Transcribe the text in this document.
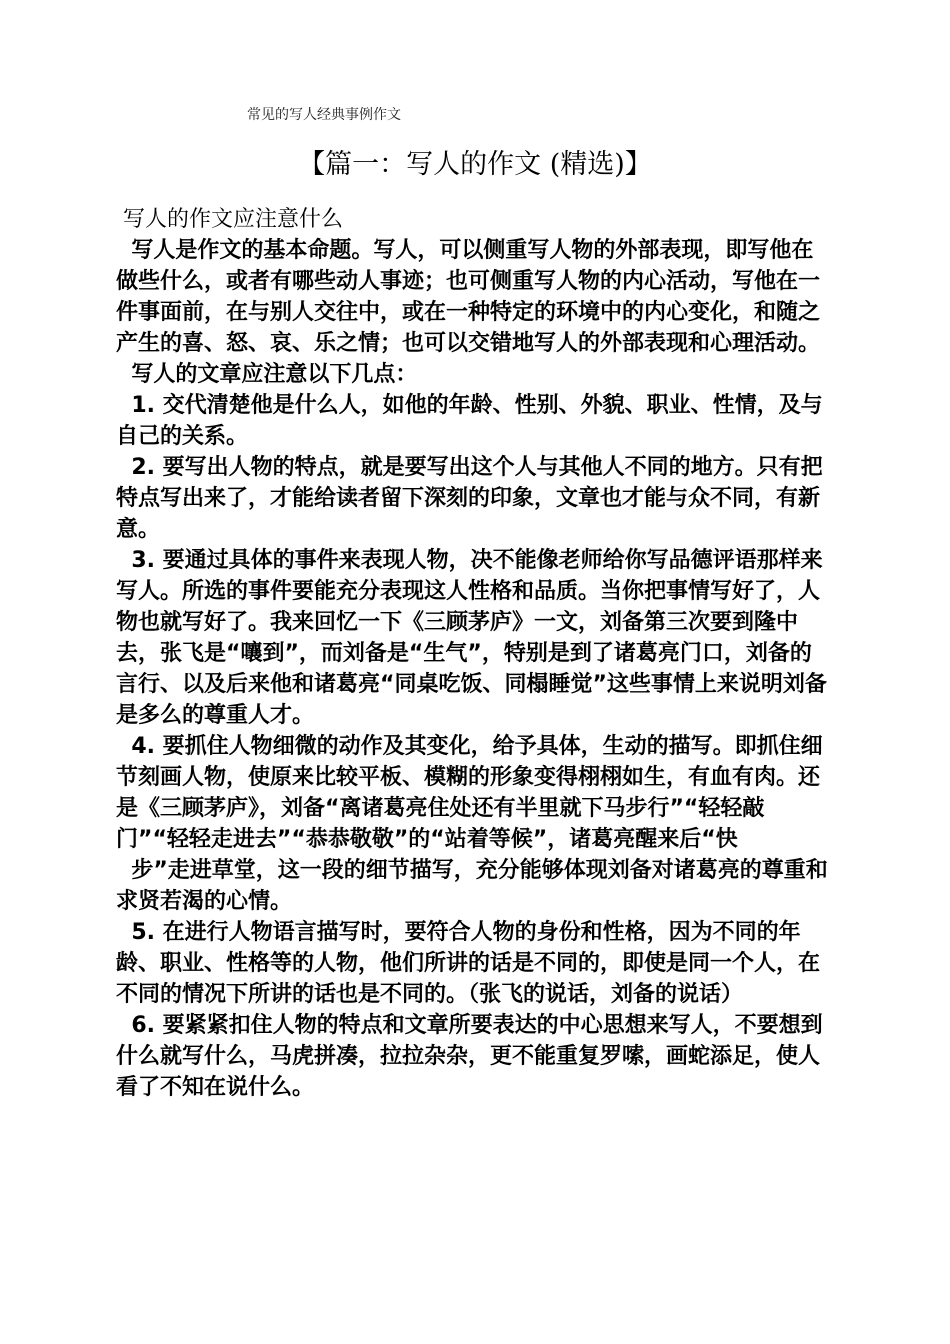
常见的写人经典事例作文
【篇一：写人的作文 (精选)】

写人的作文应注意什么

写人是作文的基本命题。写人，可以侧重写人物的外部表现，即写他在做些什么，或者有哪些动人事迹；也可侧重写人物的内心活动，写他在一件事面前，在与别人交往中，或在一种特定的环境中的内心变化，和随之产生的喜、怒、哀、乐之情；也可以交错地写人的外部表现和心理活动。

写人的文章应注意以下几点：

1. 交代清楚他是什么人，如他的年龄、性别、外貌、职业、性情，及与自己的关系。

2. 要写出人物的特点，就是要写出这个人与其他人不同的地方。只有把特点写出来了，才能给读者留下深刻的印象，文章也才能与众不同，有新意。

3. 要通过具体的事件来表现人物，决不能像老师给你写品德评语那样来写人。所选的事件要能充分表现这人性格和品质。当你把事情写好了，人物也就写好了。我来回忆一下《三顾茅庐》一文，刘备第三次要到隆中去，张飞是“嚷到”，而刘备是“生气”，特别是到了诸葛亮门口，刘备的言行、以及后来他和诸葛亮“同桌吃饭、同榻睡觉”这些事情上来说明刘备是多么的尊重人才。

4. 要抓住人物细微的动作及其变化，给予具体，生动的描写。即抓住细节刻画人物，使原来比较平板、模糊的形象变得栩栩如生，有血有肉。还是《三顾茅庐》，刘备“离诸葛亮住处还有半里就下马步行”“轻轻敲门”“轻轻走进去”“恭恭敬敬”的“站着等候”，诸葛亮醒来后“快

步”走进草堂，这一段的细节描写，充分能够体现刘备对诸葛亮的尊重和求贤若渴的心情。

5. 在进行人物语言描写时，要符合人物的身份和性格，因为不同的年龄、职业、性格等的人物，他们所讲的话是不同的，即使是同一个人，在不同的情况下所讲的话也是不同的。（张飞的说话，刘备的说话）

6. 要紧紧扣住人物的特点和文章所要表达的中心思想来写人，不要想到什么就写什么，马虎拼凑，拉拉杂杂，更不能重复罗嗦，画蛇添足，使人看了不知在说什么。
